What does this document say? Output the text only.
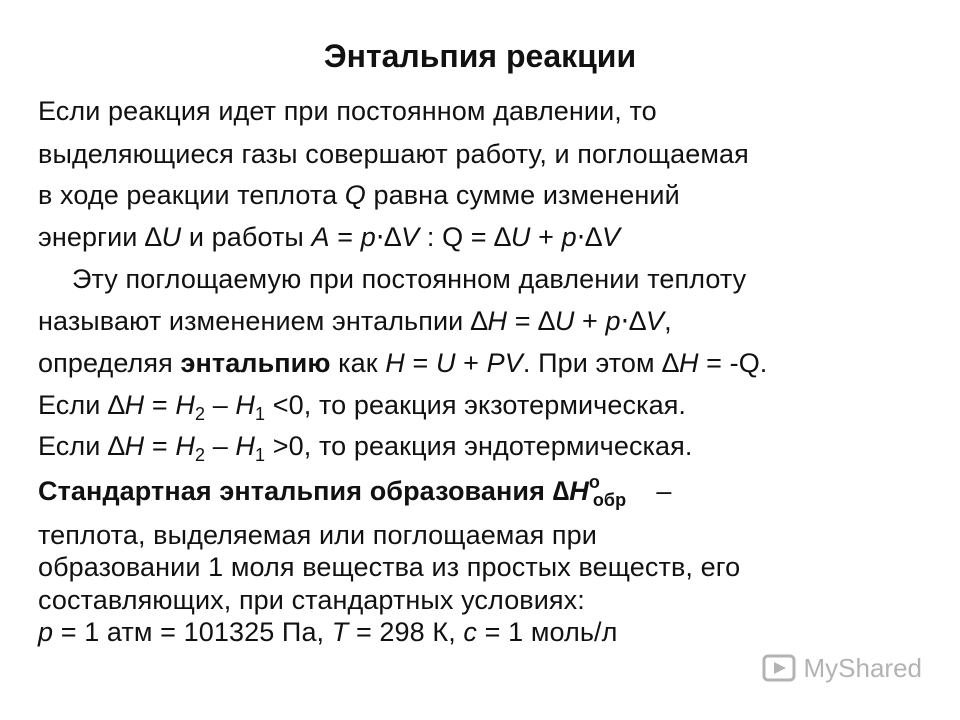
Энтальпия реакции
Если реакция идет при постоянном давлении, то
выделяющиеся газы совершают работу, и поглощаемая
в ходе реакции теплота Q равна сумме изменений
энергии ∆U и работы A = p⋅∆V : Q = ∆U + p⋅∆V
Эту поглощаемую при постоянном давлении теплоту
называют изменением энтальпии ∆H = ∆U + p⋅∆V,
определяя энтальпию как H = U + PV. При этом ∆H = -Q.
Если $\Delta H = H_2 - H_1 <0$, то реакция экзотермическая.
Если $\Delta H = H_2 - H_1 >0$, то реакция эндотермическая.
Стандартная энтальпия образования ∆H o
обр –
теплота, выделяемая или поглощаемая при
образовании 1 моля вещества из простых веществ, его
составляющих, при стандартных условиях:
p = 1 атм = 101325 Па, T = 298 К, c = 1 моль/л
MyShared
